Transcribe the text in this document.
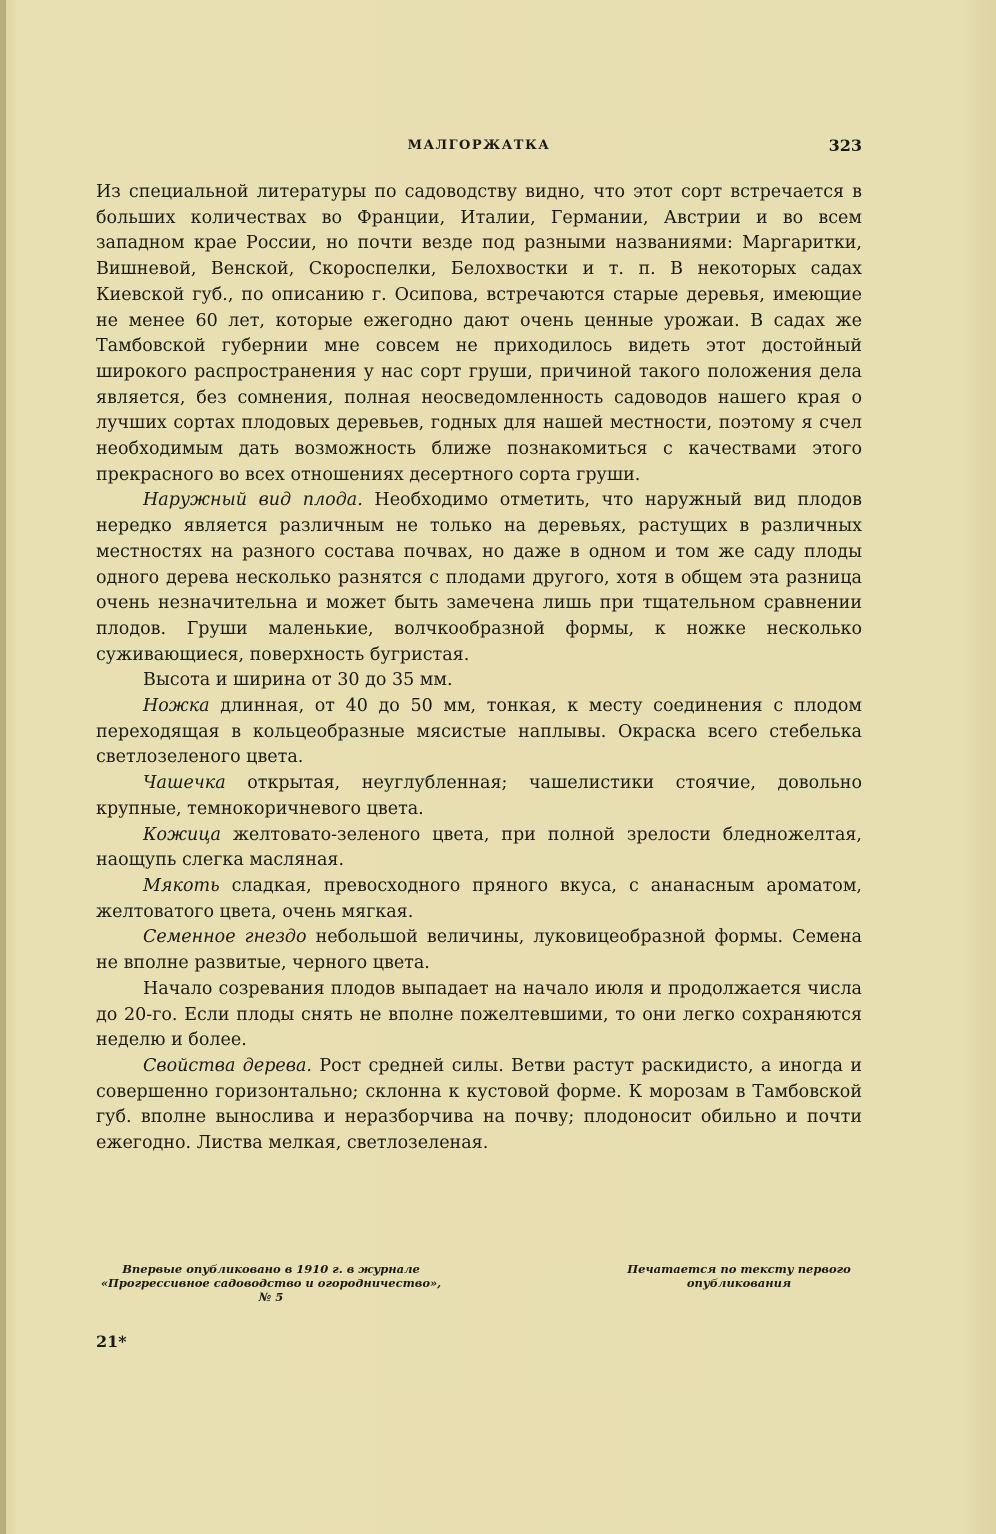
МАЛГОРЖАТКА	323

Из специальной литературы по садоводству видно, что этот сорт встречается в больших количествах во Франции, Италии, Германии, Австрии и во всем западном крае России, но почти везде под разными названиями: Маргаритки, Вишневой, Венской, Скороспелки, Белохвостки и т. п. В некоторых садах Киевской губ., по описанию г. Осипова, встречаются старые деревья, имеющие не менее 60 лет, которые ежегодно дают очень ценные урожаи. В садах же Тамбовской губернии мне совсем не приходилось видеть этот достойный широкого распространения у нас сорт груши, причиной такого положения дела является, без сомнения, полная неосведомленность садоводов нашего края о лучших сортах плодовых деревьев, годных для нашей местности, поэтому я счел необходимым дать возможность ближе познакомиться с качествами этого прекрасного во всех отношениях десертного сорта груши.

Наружный вид плода. Необходимо отметить, что наружный вид плодов нередко является различным не только на деревьях, растущих в различных местностях на разного состава почвах, но даже в одном и том же саду плоды одного дерева несколько разнятся с плодами другого, хотя в общем эта разница очень незначительна и может быть замечена лишь при тщательном сравнении плодов. Груши маленькие, волчкообразной формы, к ножке несколько суживающиеся, поверхность бугристая.

Высота и ширина от 30 до 35 мм.

Ножка длинная, от 40 до 50 мм, тонкая, к месту соединения с плодом переходящая в кольцеобразные мясистые наплывы. Окраска всего стебелька светлозеленого цвета.

Чашечка открытая, неуглубленная; чашелистики стоячие, довольно крупные, темнокоричневого цвета.

Кожица желтовато-зеленого цвета, при полной зрелости бледножелтая, наощупь слегка масляная.

Мякоть сладкая, превосходного пряного вкуса, с ананасным ароматом, желтоватого цвета, очень мягкая.

Семенное гнездо небольшой величины, луковицеобразной формы. Семена не вполне развитые, черного цвета.

Начало созревания плодов выпадает на начало июля и продолжается числа до 20-го. Если плоды снять не вполне пожелтевшими, то они легко сохраняются неделю и более.

Свойства дерева. Рост средней силы. Ветви растут раскидисто, а иногда и совершенно горизонтально; склонна к кустовой форме. К морозам в Тамбовской губ. вполне вынослива и неразборчива на почву; плодоносит обильно и почти ежегодно. Листва мелкая, светлозеленая.

Впервые опубликовано в 1910 г. в журнале «Прогрессивное садоводство и огородничество», № 5
Печатается по тексту первого опубликования
21*
